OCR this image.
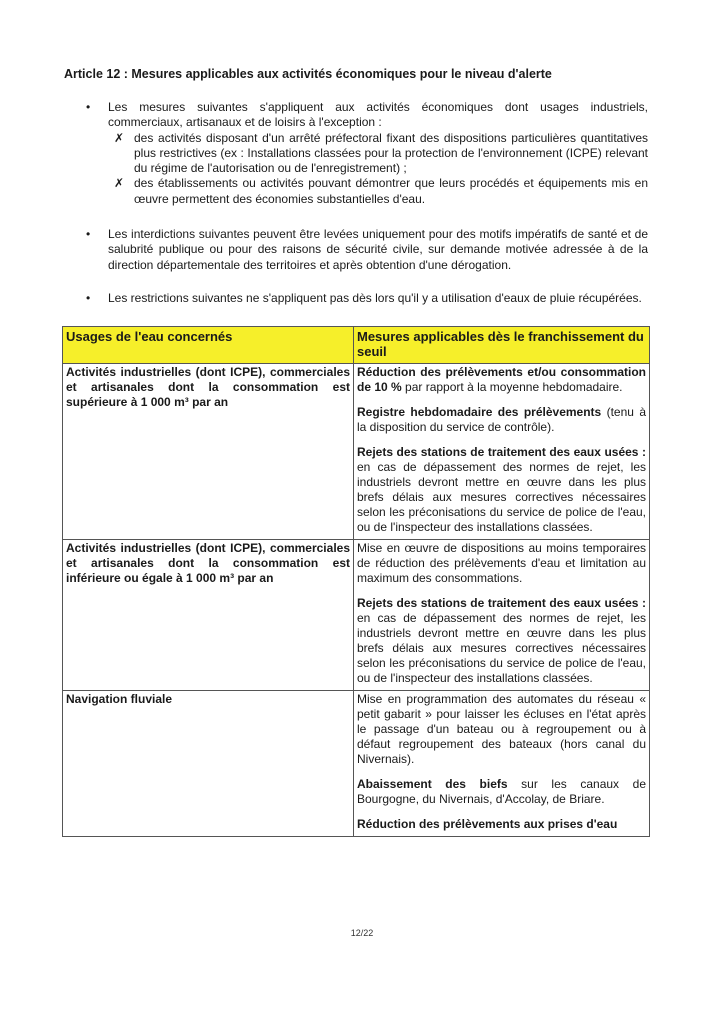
Article 12 : Mesures applicables aux activités économiques pour le niveau d'alerte
• Les mesures suivantes s'appliquent aux activités économiques dont usages industriels, commerciaux, artisanaux et de loisirs à l'exception :
✗ des activités disposant d'un arrêté préfectoral fixant des dispositions particulières quantitatives plus restrictives (ex : Installations classées pour la protection de l'environnement (ICPE) relevant du régime de l'autorisation ou de l'enregistrement) ;
✗ des établissements ou activités pouvant démontrer que leurs procédés et équipements mis en œuvre permettent des économies substantielles d'eau.
• Les interdictions suivantes peuvent être levées uniquement pour des motifs impératifs de santé et de salubrité publique ou pour des raisons de sécurité civile, sur demande motivée adressée à de la direction départementale des territoires et après obtention d'une dérogation.
• Les restrictions suivantes ne s'appliquent pas dès lors qu'il y a utilisation d'eaux de pluie récupérées.
Usages de l'eau concernés	Mesures applicables dès le franchissement du seuil
Activités industrielles (dont ICPE), commerciales et artisanales dont la consommation est supérieure à 1 000 m³ par an	Réduction des prélèvements et/ou consommation de 10 % par rapport à la moyenne hebdomadaire.

Registre hebdomadaire des prélèvements (tenu à la disposition du service de contrôle).

Rejets des stations de traitement des eaux usées : en cas de dépassement des normes de rejet, les industriels devront mettre en œuvre dans les plus brefs délais aux mesures correctives nécessaires selon les préconisations du service de police de l'eau, ou de l'inspecteur des installations classées.

Activités industrielles (dont ICPE), commerciales et artisanales dont la consommation est inférieure ou égale à 1 000 m³ par an	Mise en œuvre de dispositions au moins temporaires de réduction des prélèvements d'eau et limitation au maximum des consommations.

Rejets des stations de traitement des eaux usées : en cas de dépassement des normes de rejet, les industriels devront mettre en œuvre dans les plus brefs délais aux mesures correctives nécessaires selon les préconisations du service de police de l'eau, ou de l'inspecteur des installations classées.

Navigation fluviale	Mise en programmation des automates du réseau « petit gabarit » pour laisser les écluses en l'état après le passage d'un bateau ou à regroupement ou à défaut regroupement des bateaux (hors canal du Nivernais).

Abaissement des biefs sur les canaux de Bourgogne, du Nivernais, d'Accolay, de Briare.

Réduction des prélèvements aux prises d'eau

12/22
